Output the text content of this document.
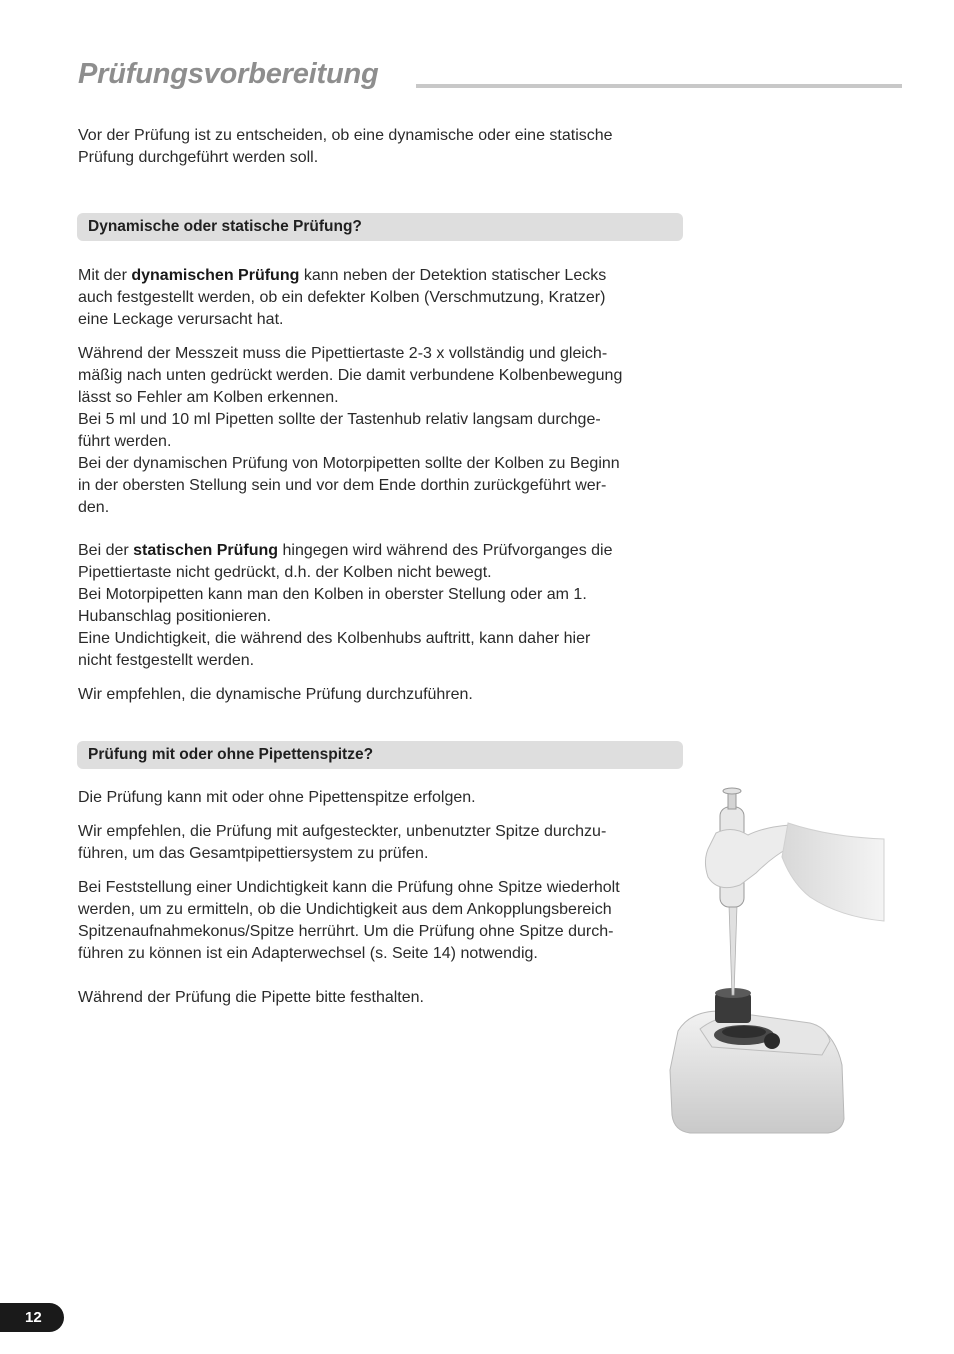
Prüfungsvorbereitung

Vor der Prüfung ist zu entscheiden, ob eine dynamische oder eine statische
Prüfung durchgeführt werden soll.

Dynamische oder statische Prüfung?

Mit der dynamischen Prüfung kann neben der Detektion statischer Lecks
auch festgestellt werden, ob ein defekter Kolben (Verschmutzung, Kratzer)
eine Leckage verursacht hat.

Während der Messzeit muss die Pipettiertaste 2-3 x vollständig und gleich-
mäßig nach unten gedrückt werden. Die damit verbundene Kolbenbewegung
lässt so Fehler am Kolben erkennen.
Bei 5 ml und 10 ml Pipetten sollte der Tastenhub relativ langsam durchge-
führt werden.
Bei der dynamischen Prüfung von Motorpipetten sollte der Kolben zu Beginn
in der obersten Stellung sein und vor dem Ende dorthin zurückgeführt wer-
den.

Bei der statischen Prüfung hingegen wird während des Prüfvorganges die
Pipettiertaste nicht gedrückt, d.h. der Kolben nicht bewegt.
Bei Motorpipetten kann man den Kolben in oberster Stellung oder am 1.
Hubanschlag positionieren.
Eine Undichtigkeit, die während des Kolbenhubs auftritt, kann daher hier
nicht festgestellt werden.

Wir empfehlen, die dynamische Prüfung durchzuführen.

Prüfung mit oder ohne Pipettenspitze?

Die Prüfung kann mit oder ohne Pipettenspitze erfolgen.

Wir empfehlen, die Prüfung mit aufgesteckter, unbenutzter Spitze durchzu-
führen, um das Gesamtpipettiersystem zu prüfen.

Bei Feststellung einer Undichtigkeit kann die Prüfung ohne Spitze wiederholt
werden, um zu ermitteln, ob die Undichtigkeit aus dem Ankopplungsbereich
Spitzenaufnahmekonus/Spitze herrührt. Um die Prüfung ohne Spitze durch-
führen zu können ist ein Adapterwechsel (s. Seite 14) notwendig.

Während der Prüfung die Pipette bitte festhalten.

12
